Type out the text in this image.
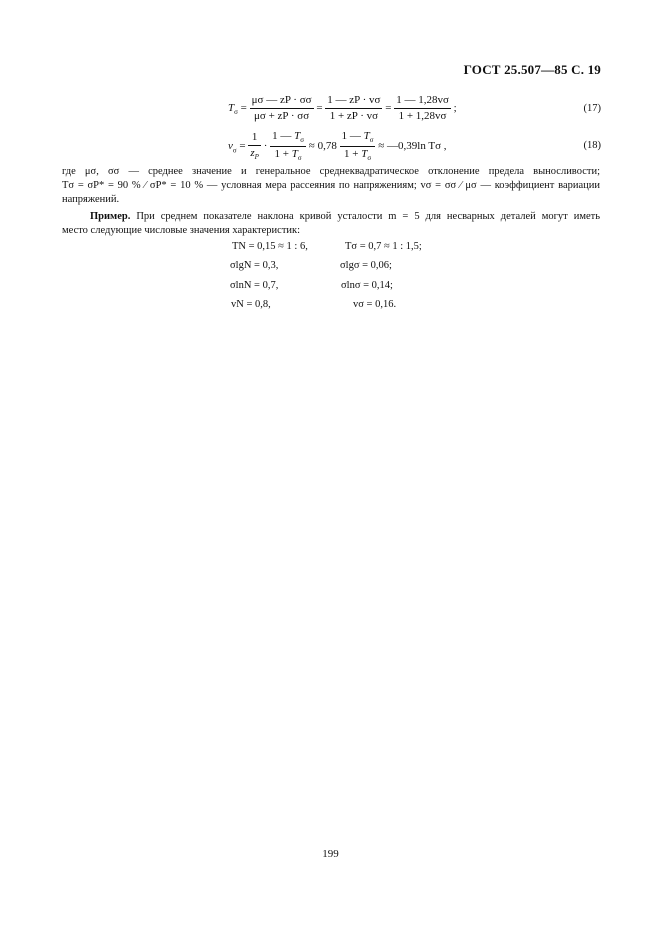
ГОСТ 25.507—85 С. 19
$T_\sigma = \frac{\mu\sigma — zP \cdot \sigma\sigma}{\mu\sigma + zP \cdot \sigma\sigma} = \frac{1 — zP \cdot v\sigma}{1 + zP \cdot v\sigma} = \frac{1 — 1,28v\sigma}{1 + 1,28v\sigma}$ ;	(17)
$v_\sigma = \frac{1}{z_P} \cdot \frac{1 — T_\sigma}{1 + T_\sigma} \approx 0,78 \frac{1 — T_\sigma}{1 + T_\sigma}$ ≈ —0,39ln Tσ ,	(18)
где μσ, σσ — среднее значение и генеральное среднеквадратическое отклонение предела выносливости;
Tσ = σP* = 90 % ⁄ σP* = 10 % — условная мера рассеяния по напряжениям; vσ = σσ ⁄ μσ — коэффициент вариации
напряжений.
Пример. При среднем показателе наклона кривой усталости m = 5 для несварных деталей могут иметь
место следующие числовые значения характеристик:
TN = 0,15 ≈ 1 : 6,	Tσ = 0,7 ≈ 1 : 1,5;
σlgN = 0,3,	σlgσ = 0,06;
σlnN = 0,7,	σlnσ = 0,14;
vN = 0,8,	vσ = 0,16.
199
